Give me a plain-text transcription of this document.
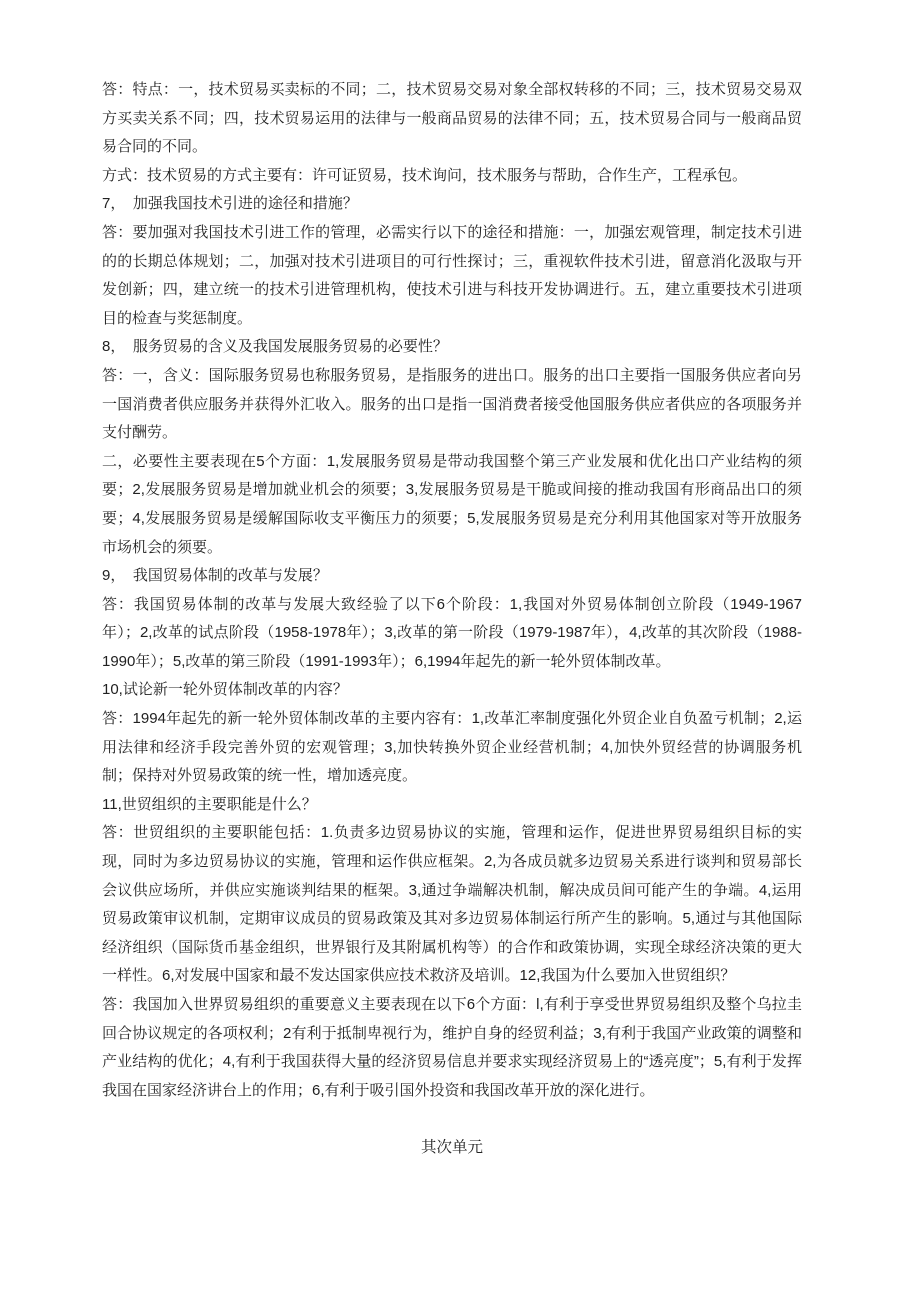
答：特点：一，技术贸易买卖标的不同；二，技术贸易交易对象全部权转移的不同；三，技术贸易交易双方买卖关系不同；四，技术贸易运用的法律与一般商品贸易的法律不同；五，技术贸易合同与一般商品贸易合同的不同。

方式：技术贸易的方式主要有：许可证贸易，技术询问，技术服务与帮助，合作生产，工程承包。

7，　加强我国技术引进的途径和措施？

答：要加强对我国技术引进工作的管理，必需实行以下的途径和措施：一，加强宏观管理，制定技术引进的的长期总体规划；二，加强对技术引进项目的可行性探讨；三，重视软件技术引进，留意消化汲取与开发创新；四，建立统一的技术引进管理机构，使技术引进与科技开发协调进行。五，建立重要技术引进项目的检查与奖惩制度。

8，　服务贸易的含义及我国发展服务贸易的必要性？

答：一，含义：国际服务贸易也称服务贸易，是指服务的进出口。服务的出口主要指一国服务供应者向另一国消费者供应服务并获得外汇收入。服务的出口是指一国消费者接受他国服务供应者供应的各项服务并支付酬劳。

二，必要性主要表现在5个方面：1,发展服务贸易是带动我国整个第三产业发展和优化出口产业结构的须要；2,发展服务贸易是增加就业机会的须要；3,发展服务贸易是干脆或间接的推动我国有形商品出口的须要；4,发展服务贸易是缓解国际收支平衡压力的须要；5,发展服务贸易是充分利用其他国家对等开放服务市场机会的须要。

9，　我国贸易体制的改革与发展？

答：我国贸易体制的改革与发展大致经验了以下6个阶段：1,我国对外贸易体制创立阶段（1949-1967年）；2,改革的试点阶段（1958-1978年）；3,改革的第一阶段（1979-1987年），4,改革的其次阶段（1988-1990年）；5,改革的第三阶段（1991-1993年）；6,1994年起先的新一轮外贸体制改革。

10,试论新一轮外贸体制改革的内容？

答：1994年起先的新一轮外贸体制改革的主要内容有：1,改革汇率制度强化外贸企业自负盈亏机制；2,运用法律和经济手段完善外贸的宏观管理；3,加快转换外贸企业经营机制；4,加快外贸经营的协调服务机制；保持对外贸易政策的统一性，增加透亮度。

11,世贸组织的主要职能是什么？

答：世贸组织的主要职能包括：1.负责多边贸易协议的实施，管理和运作，促进世界贸易组织目标的实现，同时为多边贸易协议的实施，管理和运作供应框架。2,为各成员就多边贸易关系进行谈判和贸易部长会议供应场所，并供应实施谈判结果的框架。3,通过争端解决机制，解决成员间可能产生的争端。4,运用贸易政策审议机制，定期审议成员的贸易政策及其对多边贸易体制运行所产生的影响。5,通过与其他国际经济组织（国际货币基金组织，世界银行及其附属机构等）的合作和政策协调，实现全球经济决策的更大一样性。6,对发展中国家和最不发达国家供应技术救济及培训。12,我国为什么要加入世贸组织？

答：我国加入世界贸易组织的重要意义主要表现在以下6个方面：l,有利于享受世界贸易组织及整个乌拉圭回合协议规定的各项权利；2有利于抵制卑视行为，维护自身的经贸利益；3,有利于我国产业政策的调整和产业结构的优化；4,有利于我国获得大量的经济贸易信息并要求实现经济贸易上的“透亮度”；5,有利于发挥我国在国家经济讲台上的作用；6,有利于吸引国外投资和我国改革开放的深化进行。

其次单元
